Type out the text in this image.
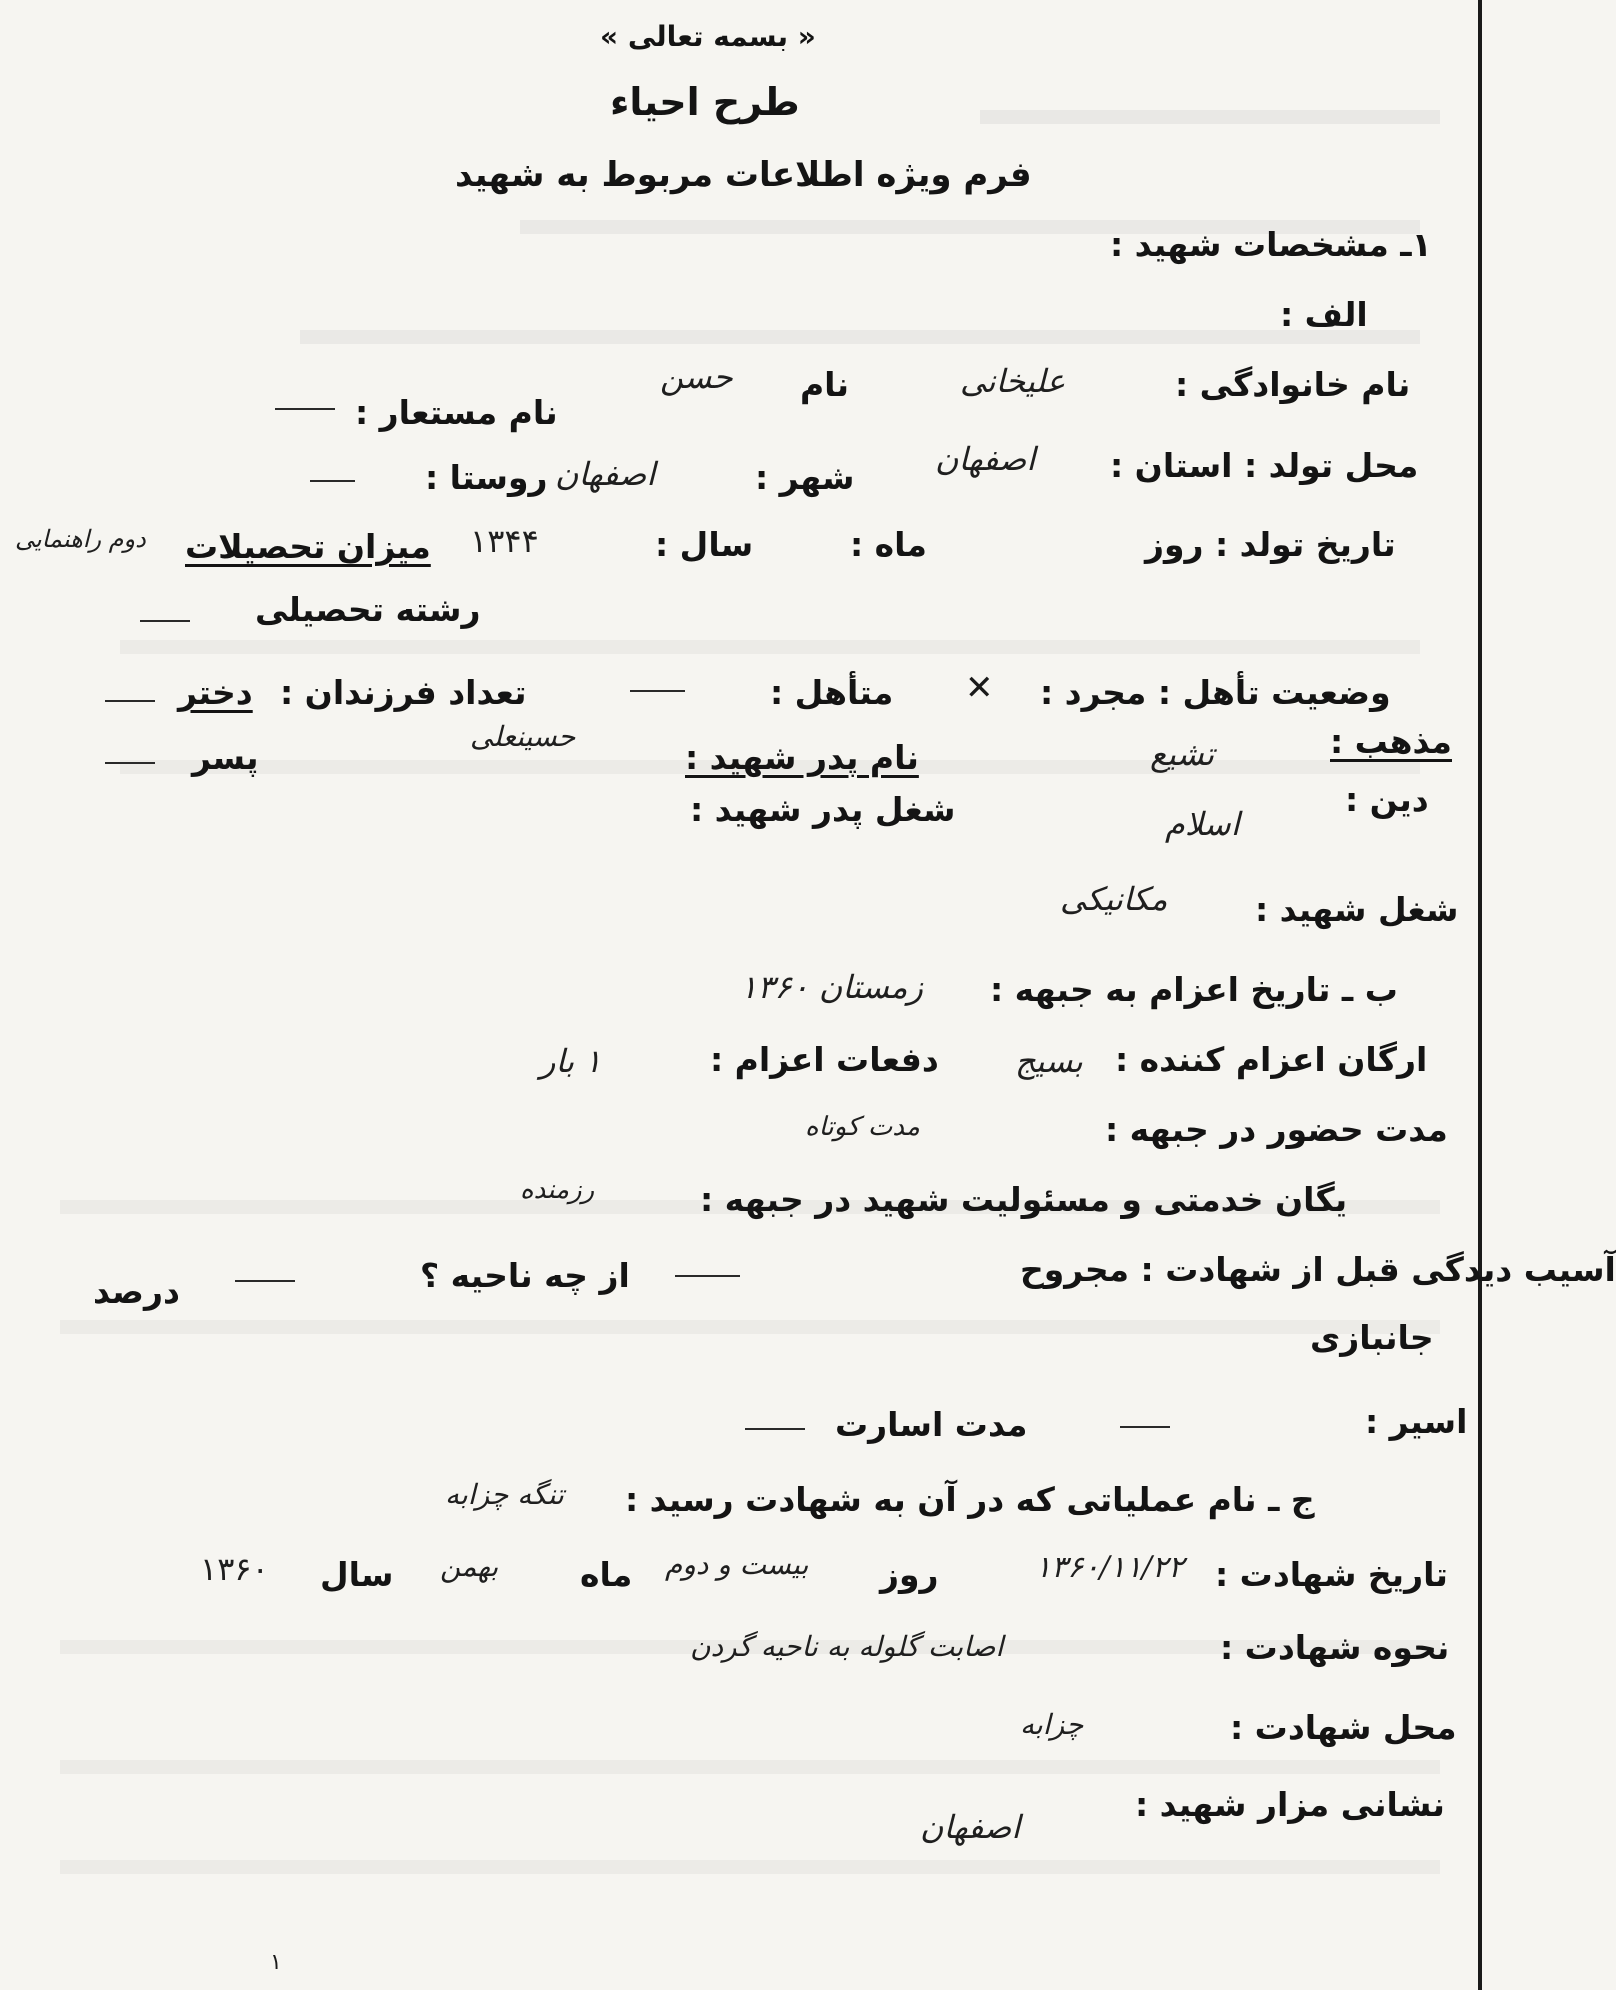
« بسمه تعالی »
طرح احیاء
فرم ویژه اطلاعات مربوط به شهید
۱ـ مشخصات شهید :
الف :
نام خانوادگی :
علیخانی
نام
حسن
نام مستعار :
محل تولد : استان :
اصفهان
شهر :
اصفهان
روستا :
تاریخ تولد : روز
ماه :
سال :
۱۳۴۴
میزان تحصیلات
دوم راهنمایی
رشته تحصیلی
وضعیت تأهل : مجرد :
✕
متأهل :
تعداد فرزندان :
دختر
مذهب :
تشیع
نام پدر شهید :
حسینعلی
پسر
دین :
اسلام
شغل پدر شهید :
شغل شهید :
مکانیکی
ب ـ تاریخ اعزام به جبهه :
زمستان ۱۳۶۰
ارگان اعزام کننده :
بسیج
دفعات اعزام :
۱ بار
مدت حضور در جبهه :
مدت کوتاه
یگان خدمتی و مسئولیت شهید در جبهه :
رزمنده
آسیب دیدگی قبل از شهادت : مجروح
از چه ناحیه ؟
درصد
جانبازی
اسیر :
مدت اسارت
ج ـ نام عملیاتی که در آن به شهادت رسید :
تنگه چزابه
تاریخ شهادت :
۱۳۶۰/۱۱/۲۲
روز
بیست و دوم
ماه
بهمن
سال
۱۳۶۰
نحوه شهادت :
اصابت گلوله به ناحیه گردن
محل شهادت :
چزابه
نشانی مزار شهید :
اصفهان
۱
